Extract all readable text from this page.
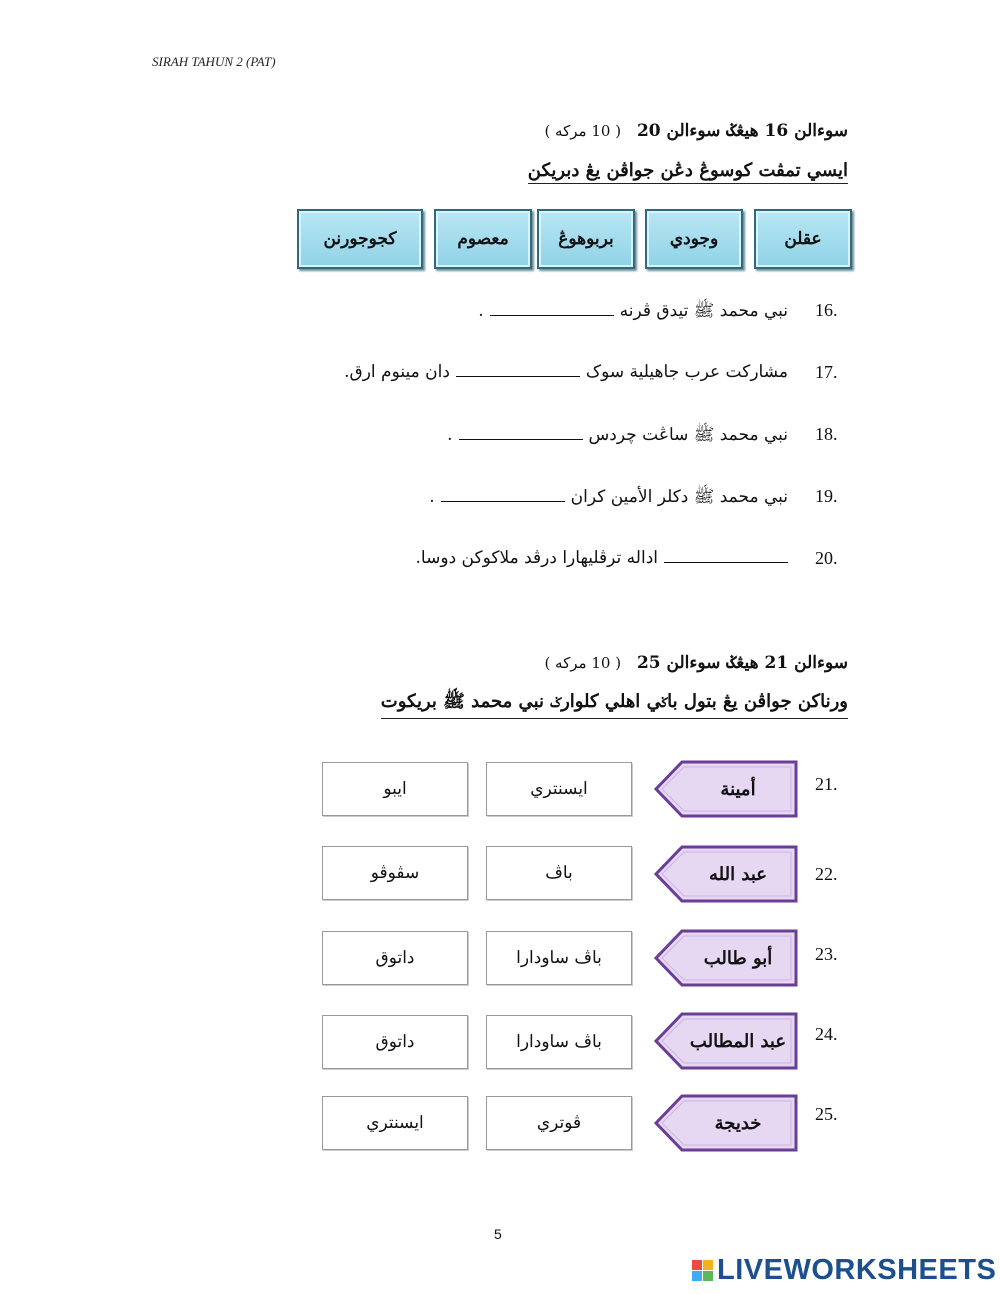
SIRAH TAHUN 2 (PAT)
سوءالن 16 هيڠݢ سوءالن 20 ( 10 مركه )
ايسي تمڤت كوسوڠ دڠن جواڤن يڠ دبريكن
عقلن
وجودي
بربوهوڠ
معصوم
كجوجورنن
16.
نبي محمد ﷺ تيدق ڤرنه.
17.
مشاركت عرب جاهيلية سوکدان مينوم ارق.
18.
نبي محمد ﷺ ساڠت چردس.
19.
نبي محمد ﷺ دكلر الأمين كران.
20.
اداله ترڤليهارا درڤد ملاكوكن دوسا.
سوءالن 21 هيڠݢ سوءالن 25 ( 10 مركه )
ورناكن جواڤن يڠ بتول باݢي اهلي كلوارݢ نبي محمد ﷺ بريكوت
21.
أمينة
ايسنتري
ايبو
22.
عبد الله
باڤ
سڤوڤو
23.
أبو طالب
باڤ ساودارا
داتوق
24.
عبد المطالب
باڤ ساودارا
داتوق
25.
خديجة
ڤوتري
ايسنتري
5
LIVEWORKSHEETS
